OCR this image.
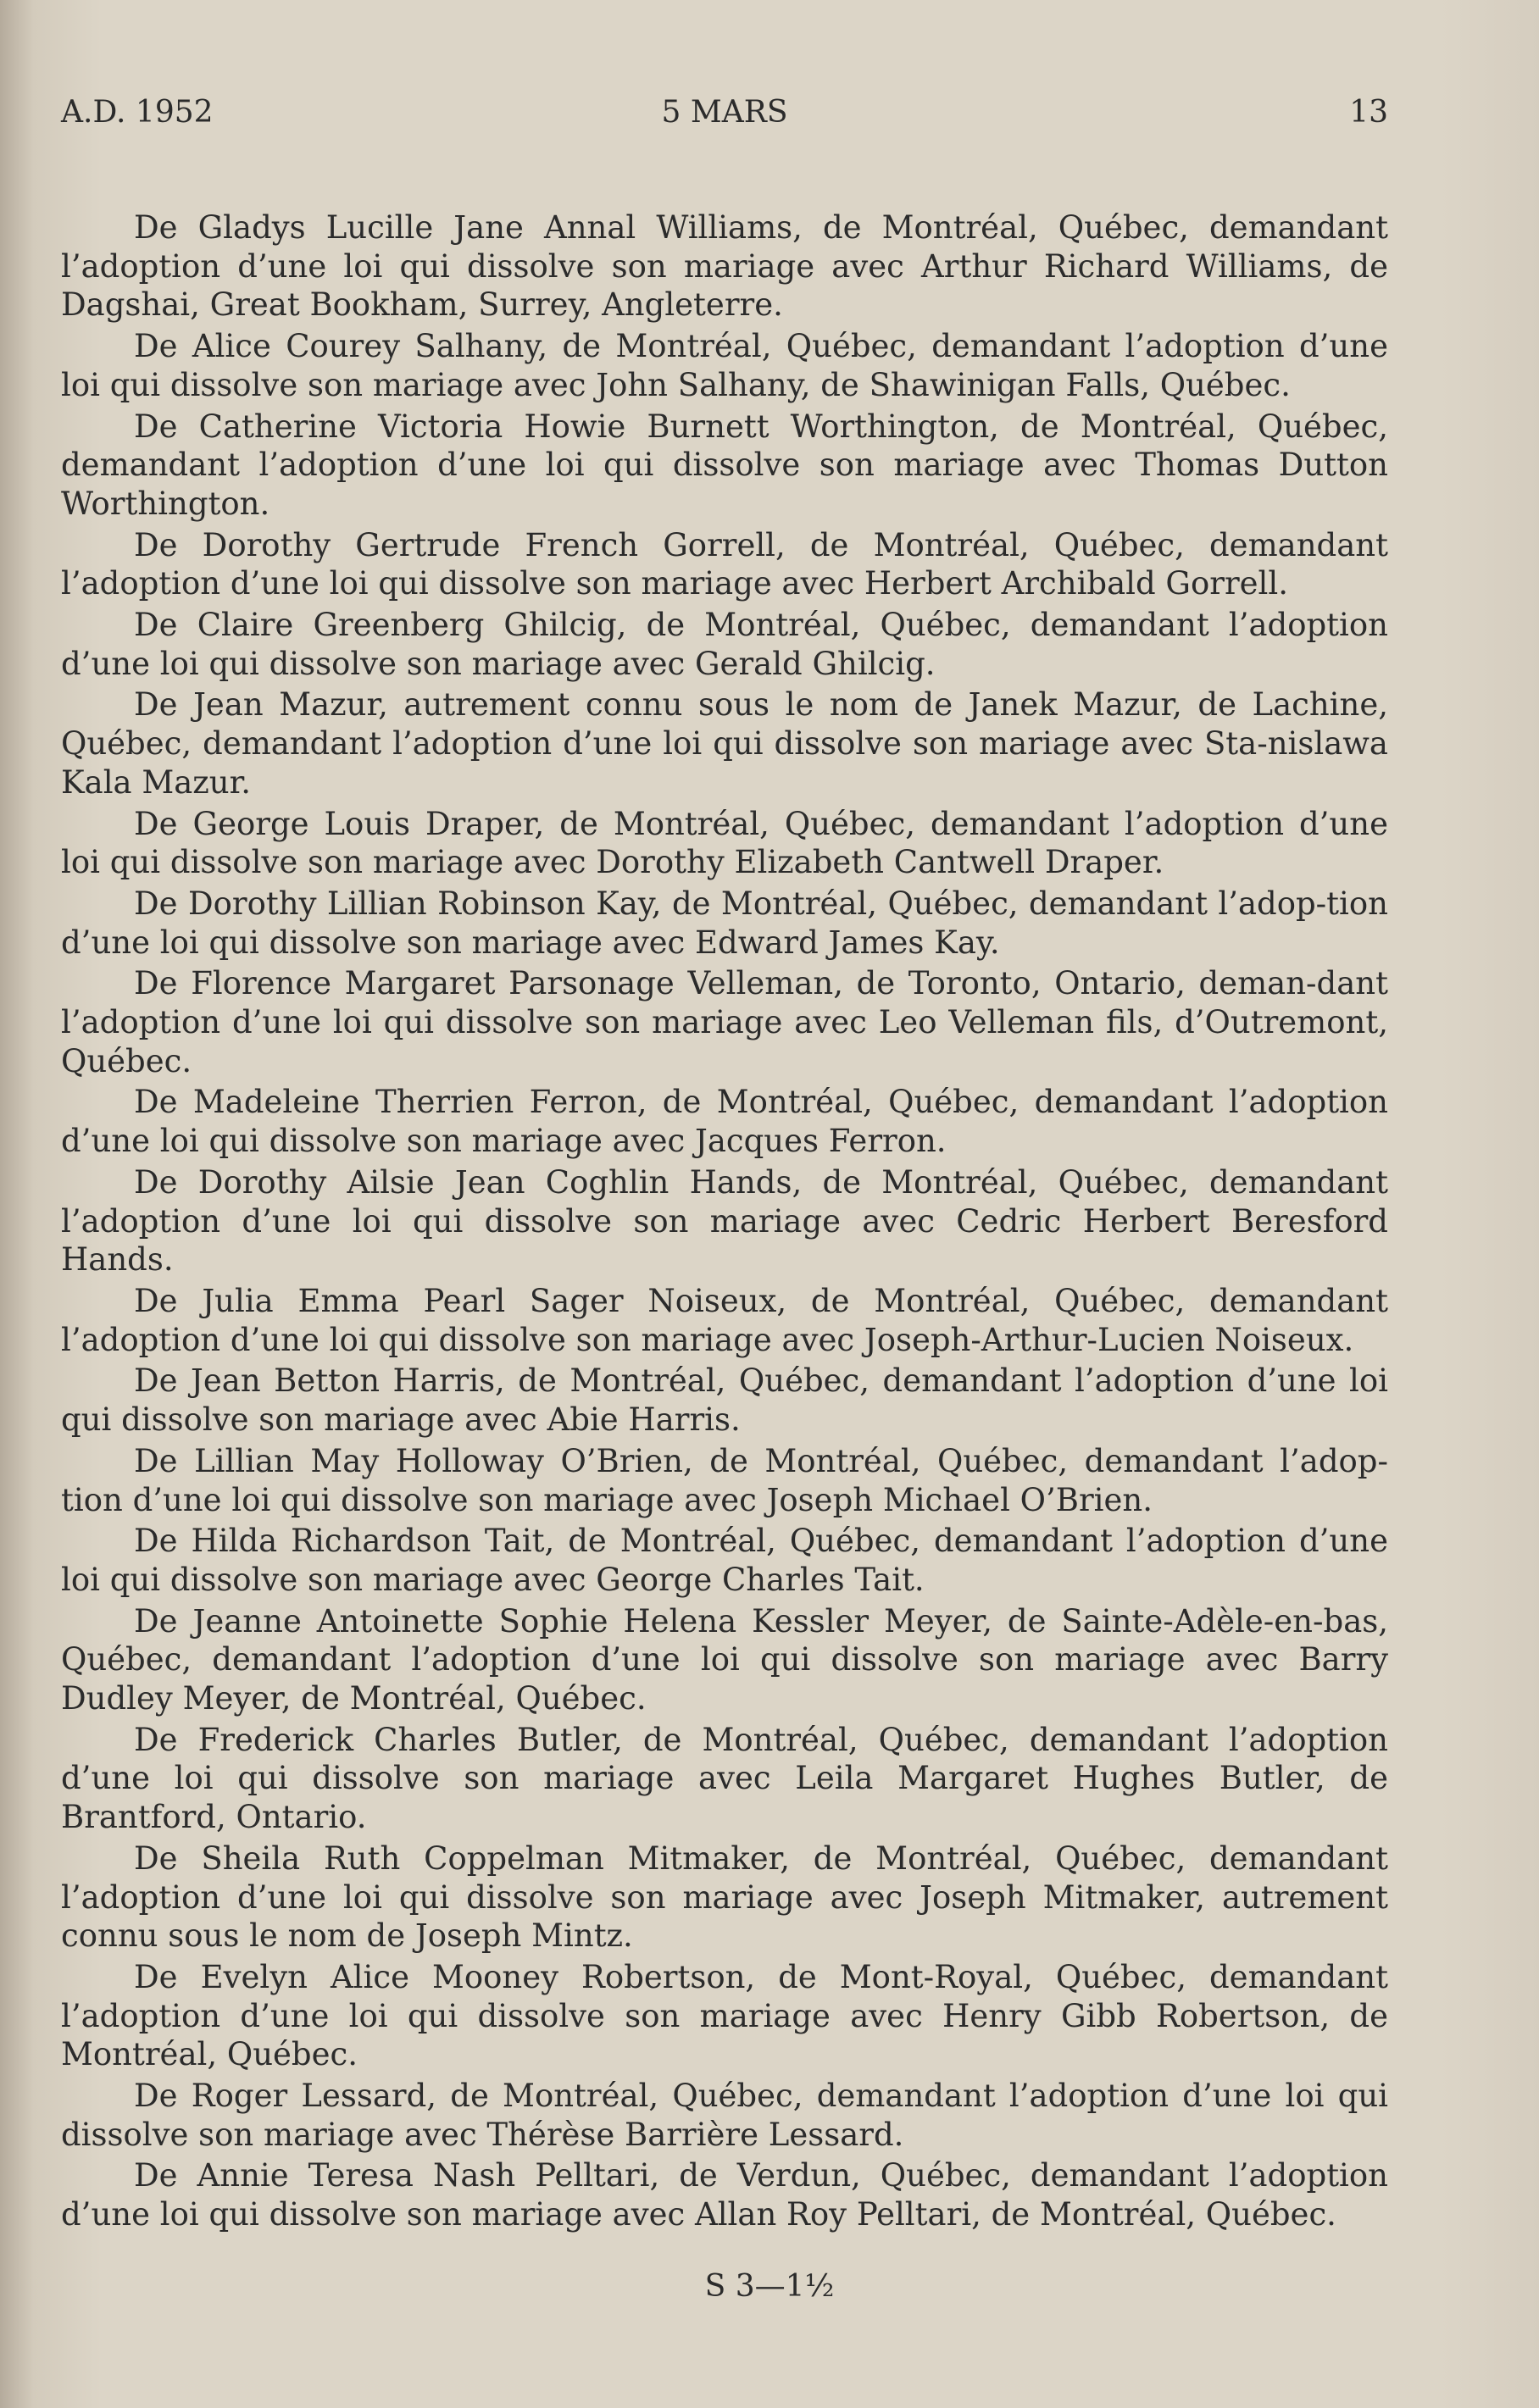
A.D. 1952	5 MARS	13

De Gladys Lucille Jane Annal Williams, de Montréal, Québec, demandant l’adoption d’une loi qui dissolve son mariage avec Arthur Richard Williams, de Dagshai, Great Bookham, Surrey, Angleterre.

De Alice Courey Salhany, de Montréal, Québec, demandant l’adoption d’une loi qui dissolve son mariage avec John Salhany, de Shawinigan Falls, Québec.

De Catherine Victoria Howie Burnett Worthington, de Montréal, Québec, demandant l’adoption d’une loi qui dissolve son mariage avec Thomas Dutton Worthington.

De Dorothy Gertrude French Gorrell, de Montréal, Québec, demandant l’adoption d’une loi qui dissolve son mariage avec Herbert Archibald Gorrell.

De Claire Greenberg Ghilcig, de Montréal, Québec, demandant l’adoption d’une loi qui dissolve son mariage avec Gerald Ghilcig.

De Jean Mazur, autrement connu sous le nom de Janek Mazur, de Lachine, Québec, demandant l’adoption d’une loi qui dissolve son mariage avec Sta-nislawa Kala Mazur.

De George Louis Draper, de Montréal, Québec, demandant l’adoption d’une loi qui dissolve son mariage avec Dorothy Elizabeth Cantwell Draper.

De Dorothy Lillian Robinson Kay, de Montréal, Québec, demandant l’adop-tion d’une loi qui dissolve son mariage avec Edward James Kay.

De Florence Margaret Parsonage Velleman, de Toronto, Ontario, deman-dant l’adoption d’une loi qui dissolve son mariage avec Leo Velleman fils, d’Outremont, Québec.

De Madeleine Therrien Ferron, de Montréal, Québec, demandant l’adoption d’une loi qui dissolve son mariage avec Jacques Ferron.

De Dorothy Ailsie Jean Coghlin Hands, de Montréal, Québec, demandant l’adoption d’une loi qui dissolve son mariage avec Cedric Herbert Beresford Hands.

De Julia Emma Pearl Sager Noiseux, de Montréal, Québec, demandant l’adoption d’une loi qui dissolve son mariage avec Joseph-Arthur-Lucien Noiseux.

De Jean Betton Harris, de Montréal, Québec, demandant l’adoption d’une loi qui dissolve son mariage avec Abie Harris.

De Lillian May Holloway O’Brien, de Montréal, Québec, demandant l’adop-tion d’une loi qui dissolve son mariage avec Joseph Michael O’Brien.

De Hilda Richardson Tait, de Montréal, Québec, demandant l’adoption d’une loi qui dissolve son mariage avec George Charles Tait.

De Jeanne Antoinette Sophie Helena Kessler Meyer, de Sainte-Adèle-en-bas, Québec, demandant l’adoption d’une loi qui dissolve son mariage avec Barry Dudley Meyer, de Montréal, Québec.

De Frederick Charles Butler, de Montréal, Québec, demandant l’adoption d’une loi qui dissolve son mariage avec Leila Margaret Hughes Butler, de Brantford, Ontario.

De Sheila Ruth Coppelman Mitmaker, de Montréal, Québec, demandant l’adoption d’une loi qui dissolve son mariage avec Joseph Mitmaker, autrement connu sous le nom de Joseph Mintz.

De Evelyn Alice Mooney Robertson, de Mont-Royal, Québec, demandant l’adoption d’une loi qui dissolve son mariage avec Henry Gibb Robertson, de Montréal, Québec.

De Roger Lessard, de Montréal, Québec, demandant l’adoption d’une loi qui dissolve son mariage avec Thérèse Barrière Lessard.

De Annie Teresa Nash Pelltari, de Verdun, Québec, demandant l’adoption d’une loi qui dissolve son mariage avec Allan Roy Pelltari, de Montréal, Québec.

S 3—1½
